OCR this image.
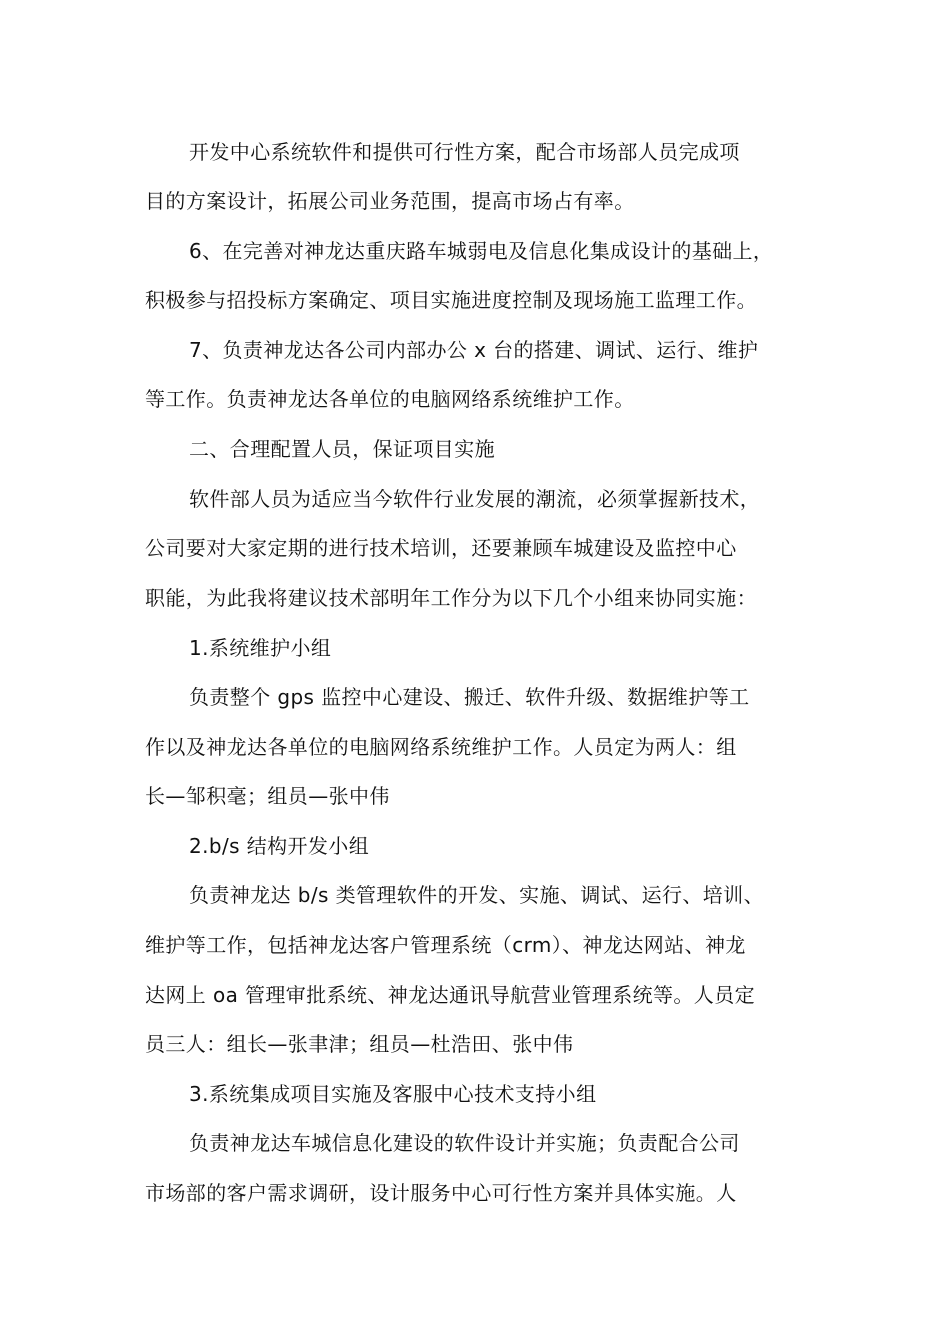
开发中心系统软件和提供可行性方案，配合市场部人员完成项
目的方案设计，拓展公司业务范围，提高市场占有率。
6、在完善对神龙达重庆路车城弱电及信息化集成设计的基础上，
积极参与招投标方案确定、项目实施进度控制及现场施工监理工作。
7、负责神龙达各公司内部办公 x 台的搭建、调试、运行、维护
等工作。负责神龙达各单位的电脑网络系统维护工作。
二、合理配置人员，保证项目实施
软件部人员为适应当今软件行业发展的潮流，必须掌握新技术，
公司要对大家定期的进行技术培训，还要兼顾车城建设及监控中心
职能，为此我将建议技术部明年工作分为以下几个小组来协同实施：
1.系统维护小组
负责整个 gps 监控中心建设、搬迁、软件升级、数据维护等工
作以及神龙达各单位的电脑网络系统维护工作。人员定为两人：组
长—邹积毫；组员—张中伟
2.b/s 结构开发小组
负责神龙达 b/s 类管理软件的开发、实施、调试、运行、培训、
维护等工作，包括神龙达客户管理系统（crm）、神龙达网站、神龙
达网上 oa 管理审批系统、神龙达通讯导航营业管理系统等。人员定
员三人：组长—张聿津；组员—杜浩田、张中伟
3.系统集成项目实施及客服中心技术支持小组
负责神龙达车城信息化建设的软件设计并实施；负责配合公司
市场部的客户需求调研，设计服务中心可行性方案并具体实施。人
